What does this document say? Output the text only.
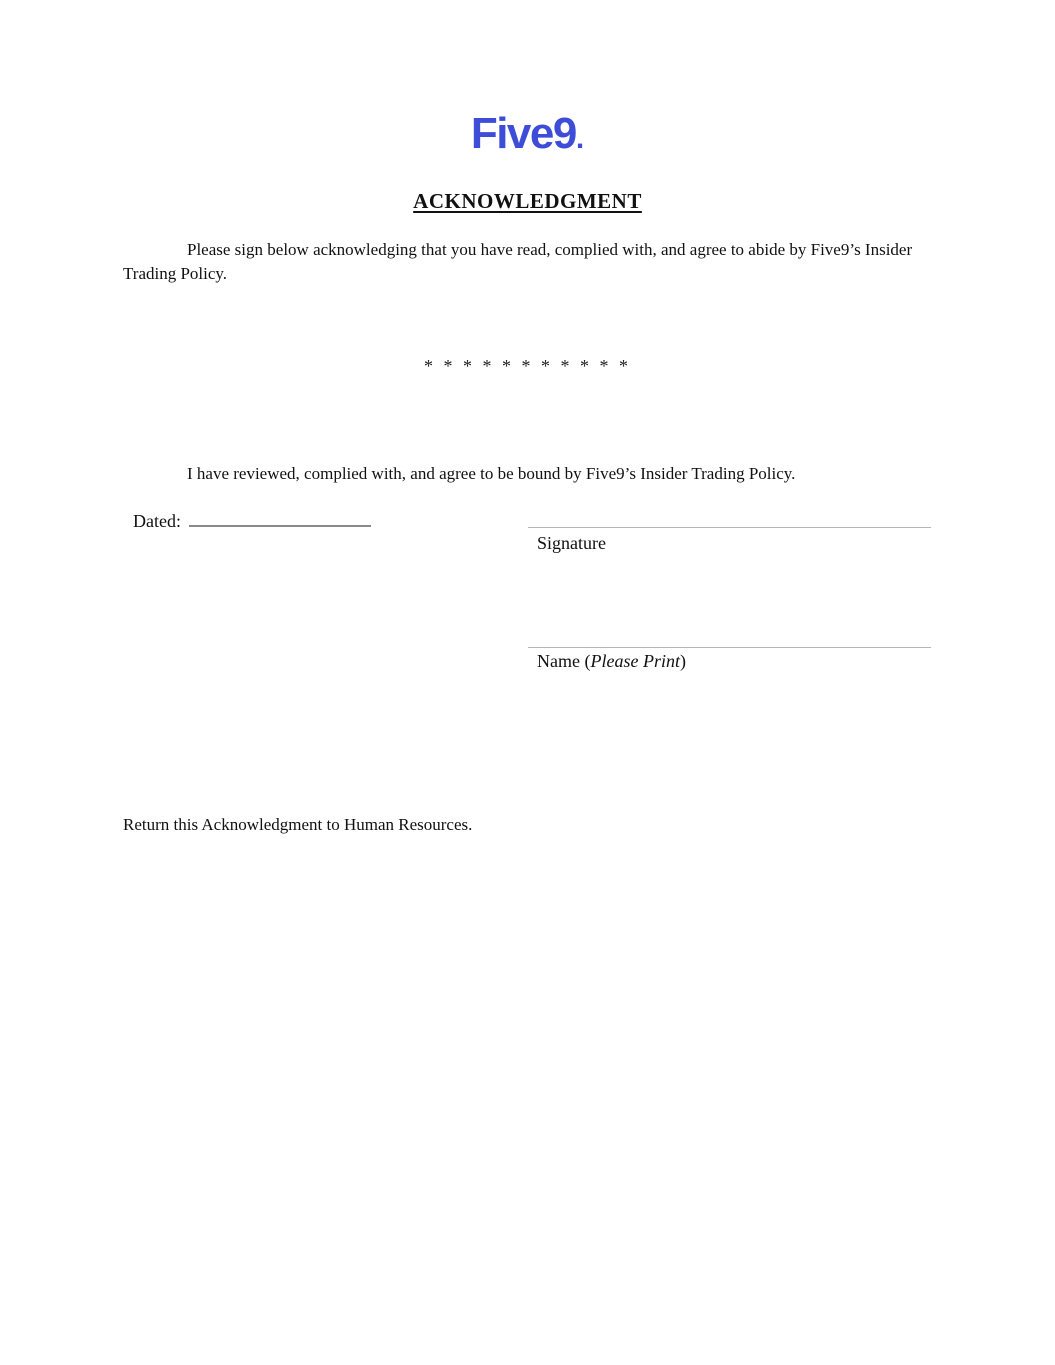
Five9.
ACKNOWLEDGMENT

Please sign below acknowledging that you have read, complied with, and agree to abide by Five9’s Insider Trading Policy.

* * * * * * * * * * *

I have reviewed, complied with, and agree to be bound by Five9’s Insider Trading Policy.

Dated:
Signature
Name (Please Print)

Return this Acknowledgment to Human Resources.
